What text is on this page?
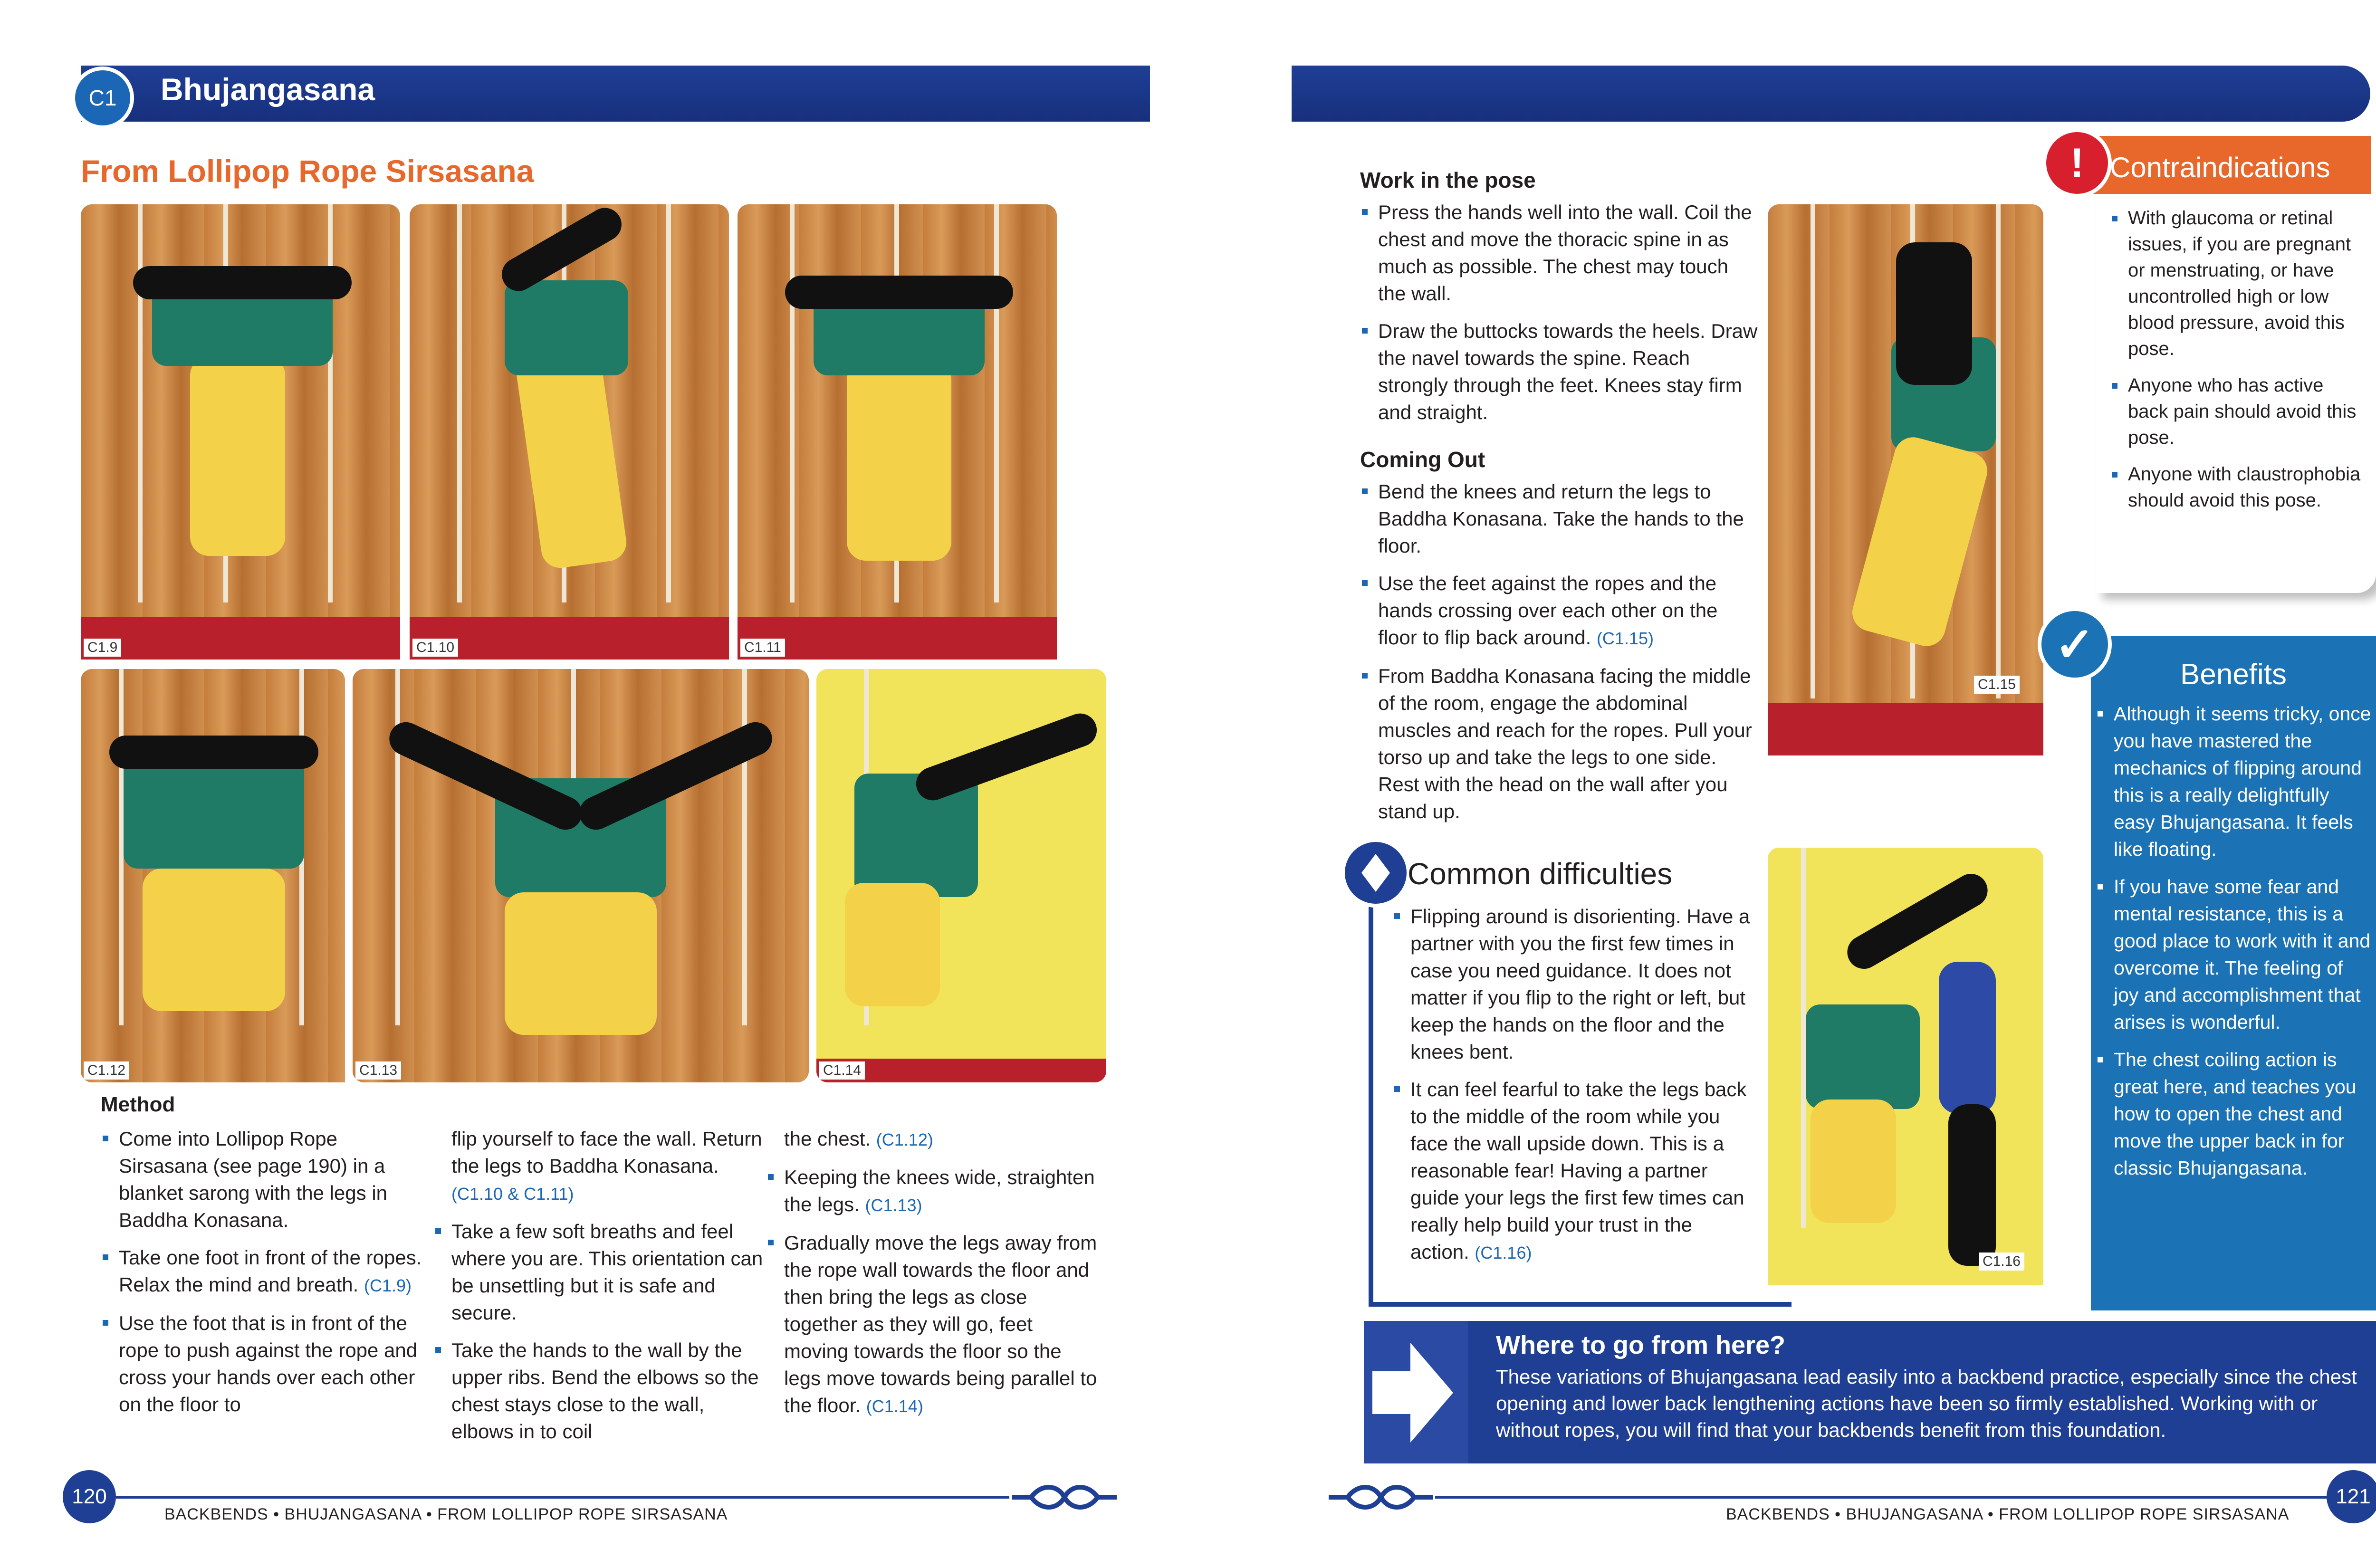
C1	Bhujangasana
From Lollipop Rope Sirsasana
C1.9	C1.10	C1.11
C1.12	C1.13	C1.14
Method
Come into Lollipop Rope Sirsasana (see page 190) in a blanket sarong with the legs in Baddha Konasana.
Take one foot in front of the ropes. Relax the mind and breath. (C1.9)
Use the foot that is in front of the rope to push against the rope and cross your hands over each other on the floor to
flip yourself to face the wall. Return the legs to Baddha Konasana. (C1.10 & C1.11)
Take a few soft breaths and feel where you are. This orientation can be unsettling but it is safe and secure.
Take the hands to the wall by the upper ribs. Bend the elbows so the chest stays close to the wall, elbows in to coil
the chest. (C1.12)
Keeping the knees wide, straighten the legs. (C1.13)
Gradually move the legs away from the rope wall towards the floor and then bring the legs as close together as they will go, feet moving towards the floor so the legs move towards being parallel to the floor. (C1.14)
120
BACKBENDS • BHUJANGASANA • FROM LOLLIPOP ROPE SIRSASANA
Work in the pose
Press the hands well into the wall. Coil the chest and move the thoracic spine in as much as possible. The chest may touch the wall.
Draw the buttocks towards the heels. Draw the navel towards the spine. Reach strongly through the feet. Knees stay firm and straight.
Coming Out
Bend the knees and return the legs to Baddha Konasana. Take the hands to the floor.
Use the feet against the ropes and the hands crossing over each other on the floor to flip back around. (C1.15)
From Baddha Konasana facing the middle of the room, engage the abdominal muscles and reach for the ropes. Pull your torso up and take the legs to one side. Rest with the head on the wall after you stand up.
C1.15
C1.16
Common difficulties
Flipping around is disorienting. Have a partner with you the first few times in case you need guidance. It does not matter if you flip to the right or left, but keep the hands on the floor and the knees bent.
It can feel fearful to take the legs back to the middle of the room while you face the wall upside down. This is a reasonable fear! Having a partner guide your legs the first few times can really help build your trust in the action. (C1.16)
! Contraindications
With glaucoma or retinal issues, if you are pregnant or menstruating, or have uncontrolled high or low blood pressure, avoid this pose.
Anyone who has active back pain should avoid this pose.
Anyone with claustrophobia should avoid this pose.
✓
Benefits
Although it seems tricky, once you have mastered the mechanics of flipping around this is a really delightfully easy Bhujangasana. It feels like floating.
If you have some fear and mental resistance, this is a good place to work with it and overcome it. The feeling of joy and accomplishment that arises is wonderful.
The chest coiling action is great here, and teaches you how to open the chest and move the upper back in for classic Bhujangasana.
Where to go from here?
These variations of Bhujangasana lead easily into a backbend practice, especially since the chest opening and lower back lengthening actions have been so firmly established. Working with or without ropes, you will find that your backbends benefit from this foundation.
121
BACKBENDS • BHUJANGASANA • FROM LOLLIPOP ROPE SIRSASANA
